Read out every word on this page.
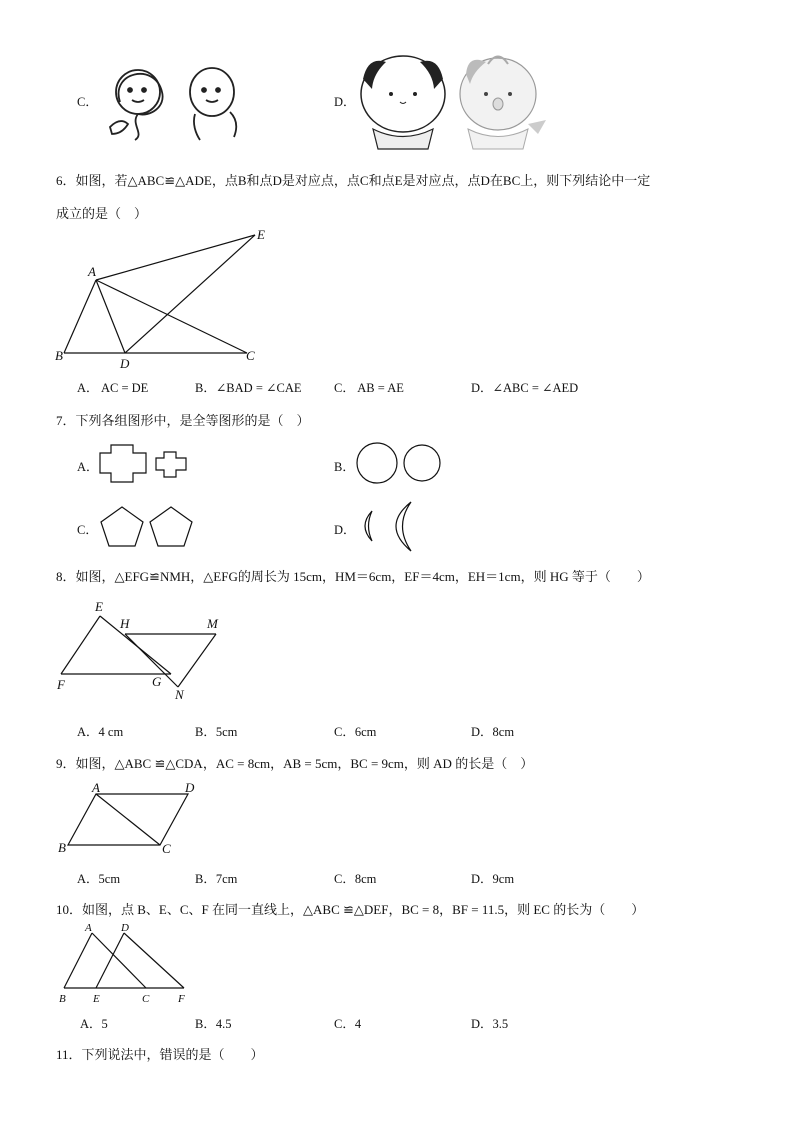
C．	D．
6．如图，若△ABC≌△ADE，点B和点D是对应点，点C和点E是对应点，点D在BC上，则下列结论中一定
成立的是（　）
A
B	C
D
E
A． AC = DE	B．∠BAD = ∠CAE	C． AB = AE	D．∠ABC = ∠AED
7．下列各组图形中，是全等图形的是（　）
A．	B．
C．	D．
8．如图，△EFG≌NMH，△EFG的周长为 15cm，HM＝6cm，EF＝4cm，EH＝1cm，则 HG 等于（　　）
E
H	M
F	G
N
A．4 cm	B．5cm	C．6cm	D．8cm
9．如图，△ABC ≌△CDA，AC = 8cm，AB = 5cm，BC = 9cm，则 AD 的长是（　）
A	D
B	C
A．5cm	B．7cm	C．8cm	D．9cm
10．如图，点 B、E、C、F 在同一直线上，△ABC ≌△DEF，BC = 8，BF = 11.5，则 EC 的长为（　　）
A	D
B E	C	F
A．5	B．4.5	C．4	D．3.5
11．下列说法中，错误的是（　　）
